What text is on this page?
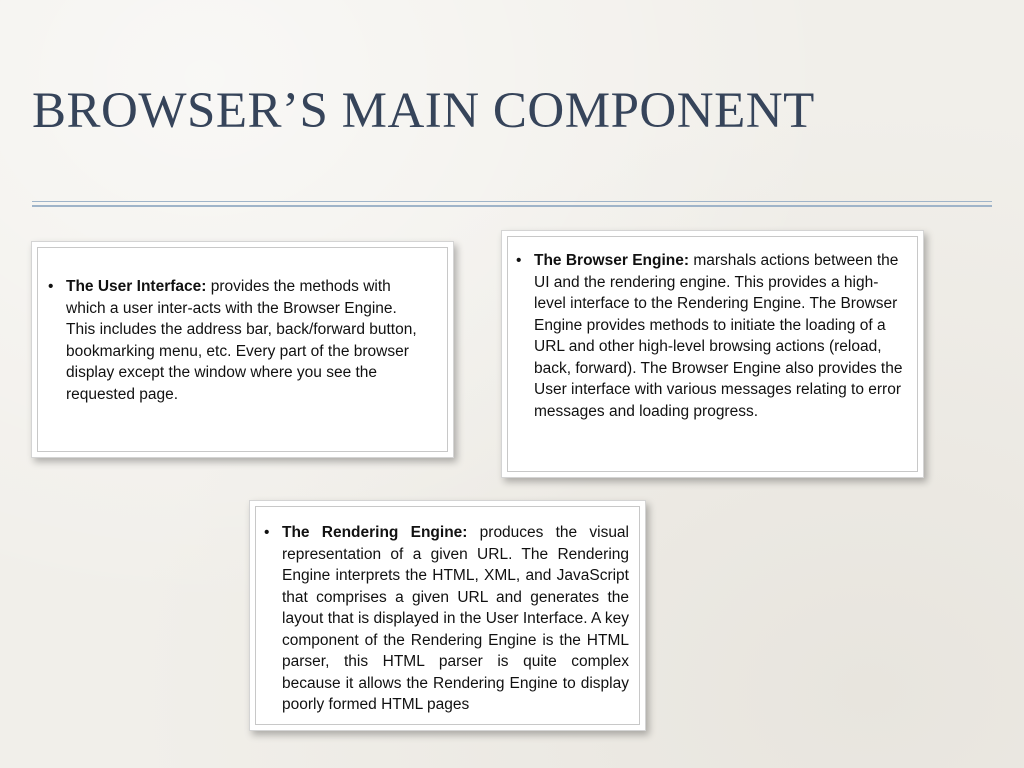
BROWSER’S MAIN COMPONENT
• The User Interface: provides the methods with which a user inter-acts with the Browser Engine. This includes the address bar, back/forward button, bookmarking menu, etc. Every part of the browser display except the window where you see the requested page.
• The Browser Engine: marshals actions between the UI and the rendering engine. This provides a high-level interface to the Rendering Engine. The Browser Engine provides methods to initiate the loading of a URL and other high-level browsing actions (reload, back, forward). The Browser Engine also provides the User interface with various messages relating to error messages and loading progress.
• The Rendering Engine: produces the visual representation of a given URL. The Rendering Engine interprets the HTML, XML, and JavaScript that comprises a given URL and generates the layout that is displayed in the User Interface. A key component of the Rendering Engine is the HTML parser, this HTML parser is quite complex because it allows the Rendering Engine to display poorly formed HTML pages
